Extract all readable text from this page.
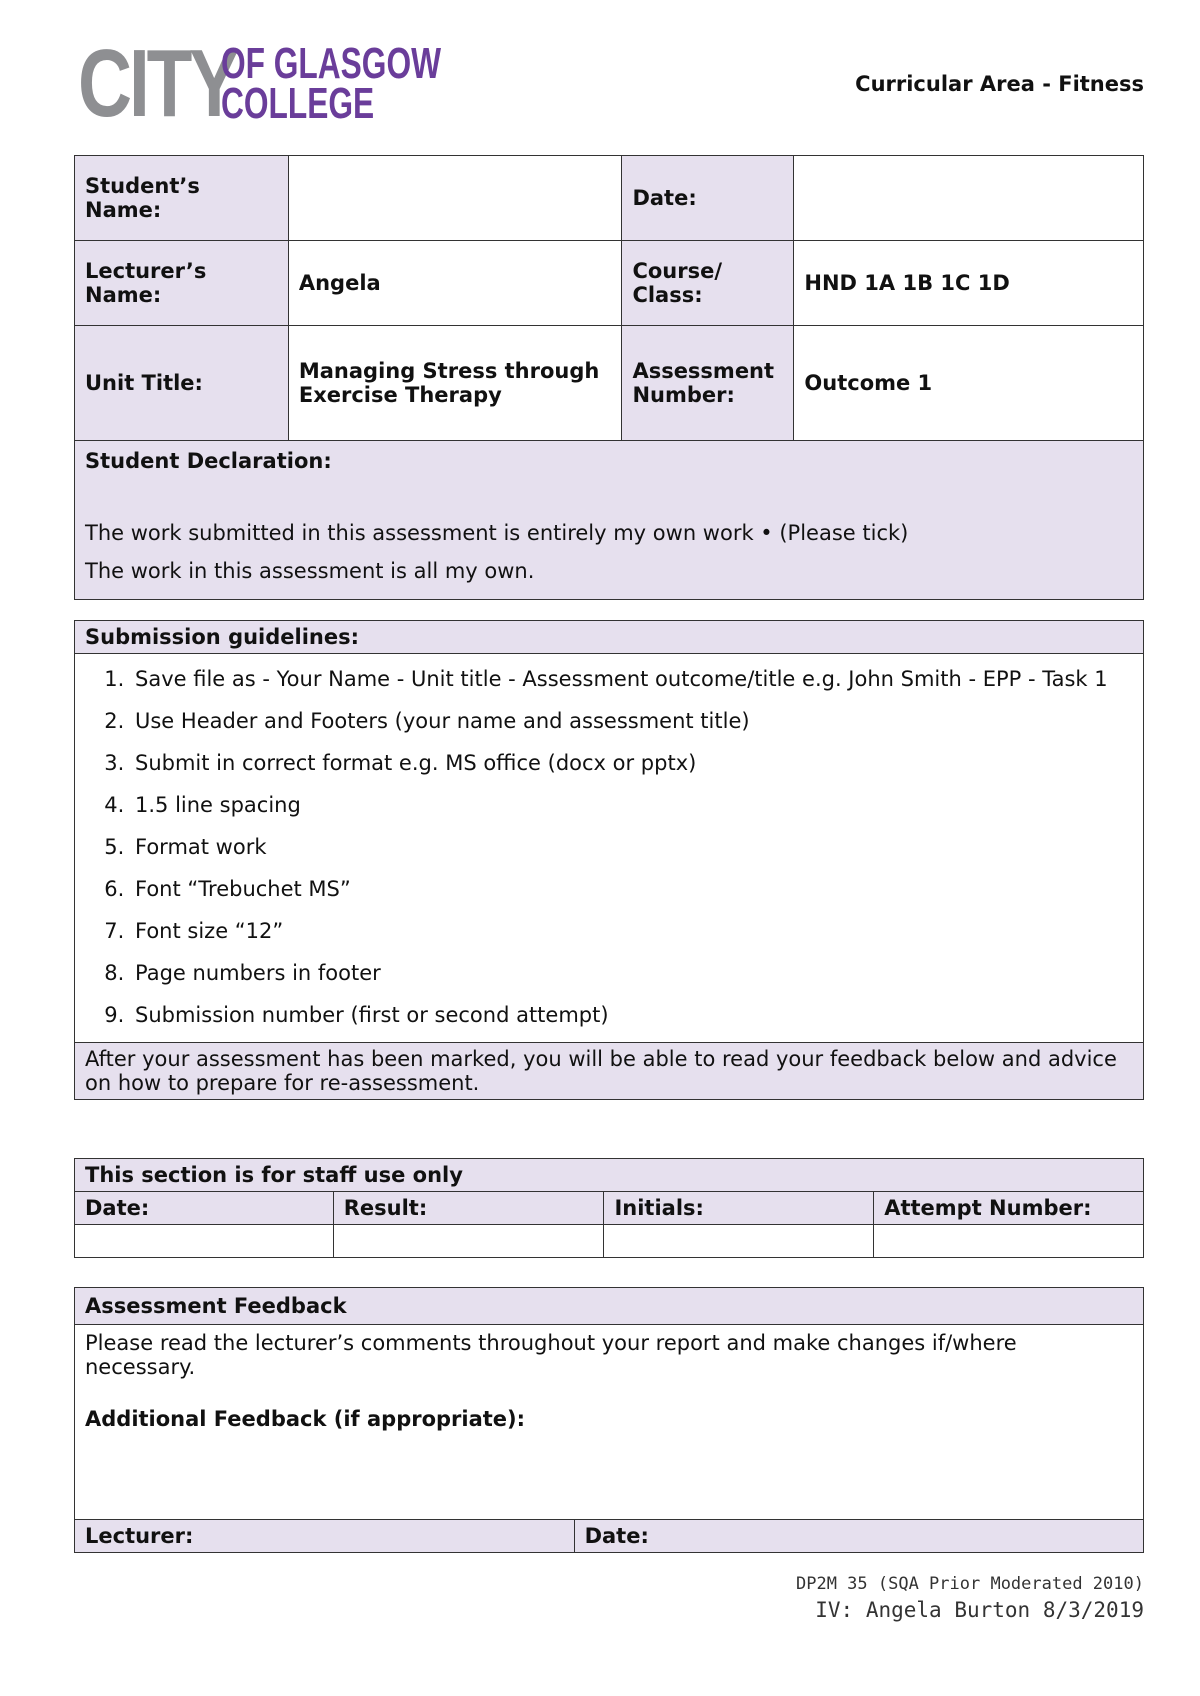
CITY
OF GLASGOW
COLLEGE	Curricular Area - Fitness
Student’s Name:		Date:	
Lecturer’s Name:	Angela	Course/ Class:	HND 1A 1B 1C 1D
Unit Title:	Managing Stress through Exercise Therapy	Assessment Number:	Outcome 1

Student Declaration:

The work submitted in this assessment is entirely my own work • (Please tick)

The work in this assessment is all my own.			

Submission guidelines:

1. Save file as - Your Name - Unit title - Assessment outcome/title e.g. John Smith - EPP - Task 1
2. Use Header and Footers (your name and assessment title)
3. Submit in correct format e.g. MS office (docx or pptx)
4. 1.5 line spacing
5. Format work
6. Font “Trebuchet MS”
7. Font size “12”
8. Page numbers in footer
9. Submission number (first or second attempt)

After your assessment has been marked, you will be able to read your feedback below and advice on how to prepare for re-assessment.
This section is for staff use only			
Date:	Result:	Initials:	Attempt Number:

Assessment Feedback

Please read the lecturer’s comments throughout your report and make changes if/where necessary.
Additional Feedback (if appropriate):

Lecturer:	Date:
DP2M 35 (SQA Prior Moderated 2010)
IV: Angela Burton 8/3/2019
